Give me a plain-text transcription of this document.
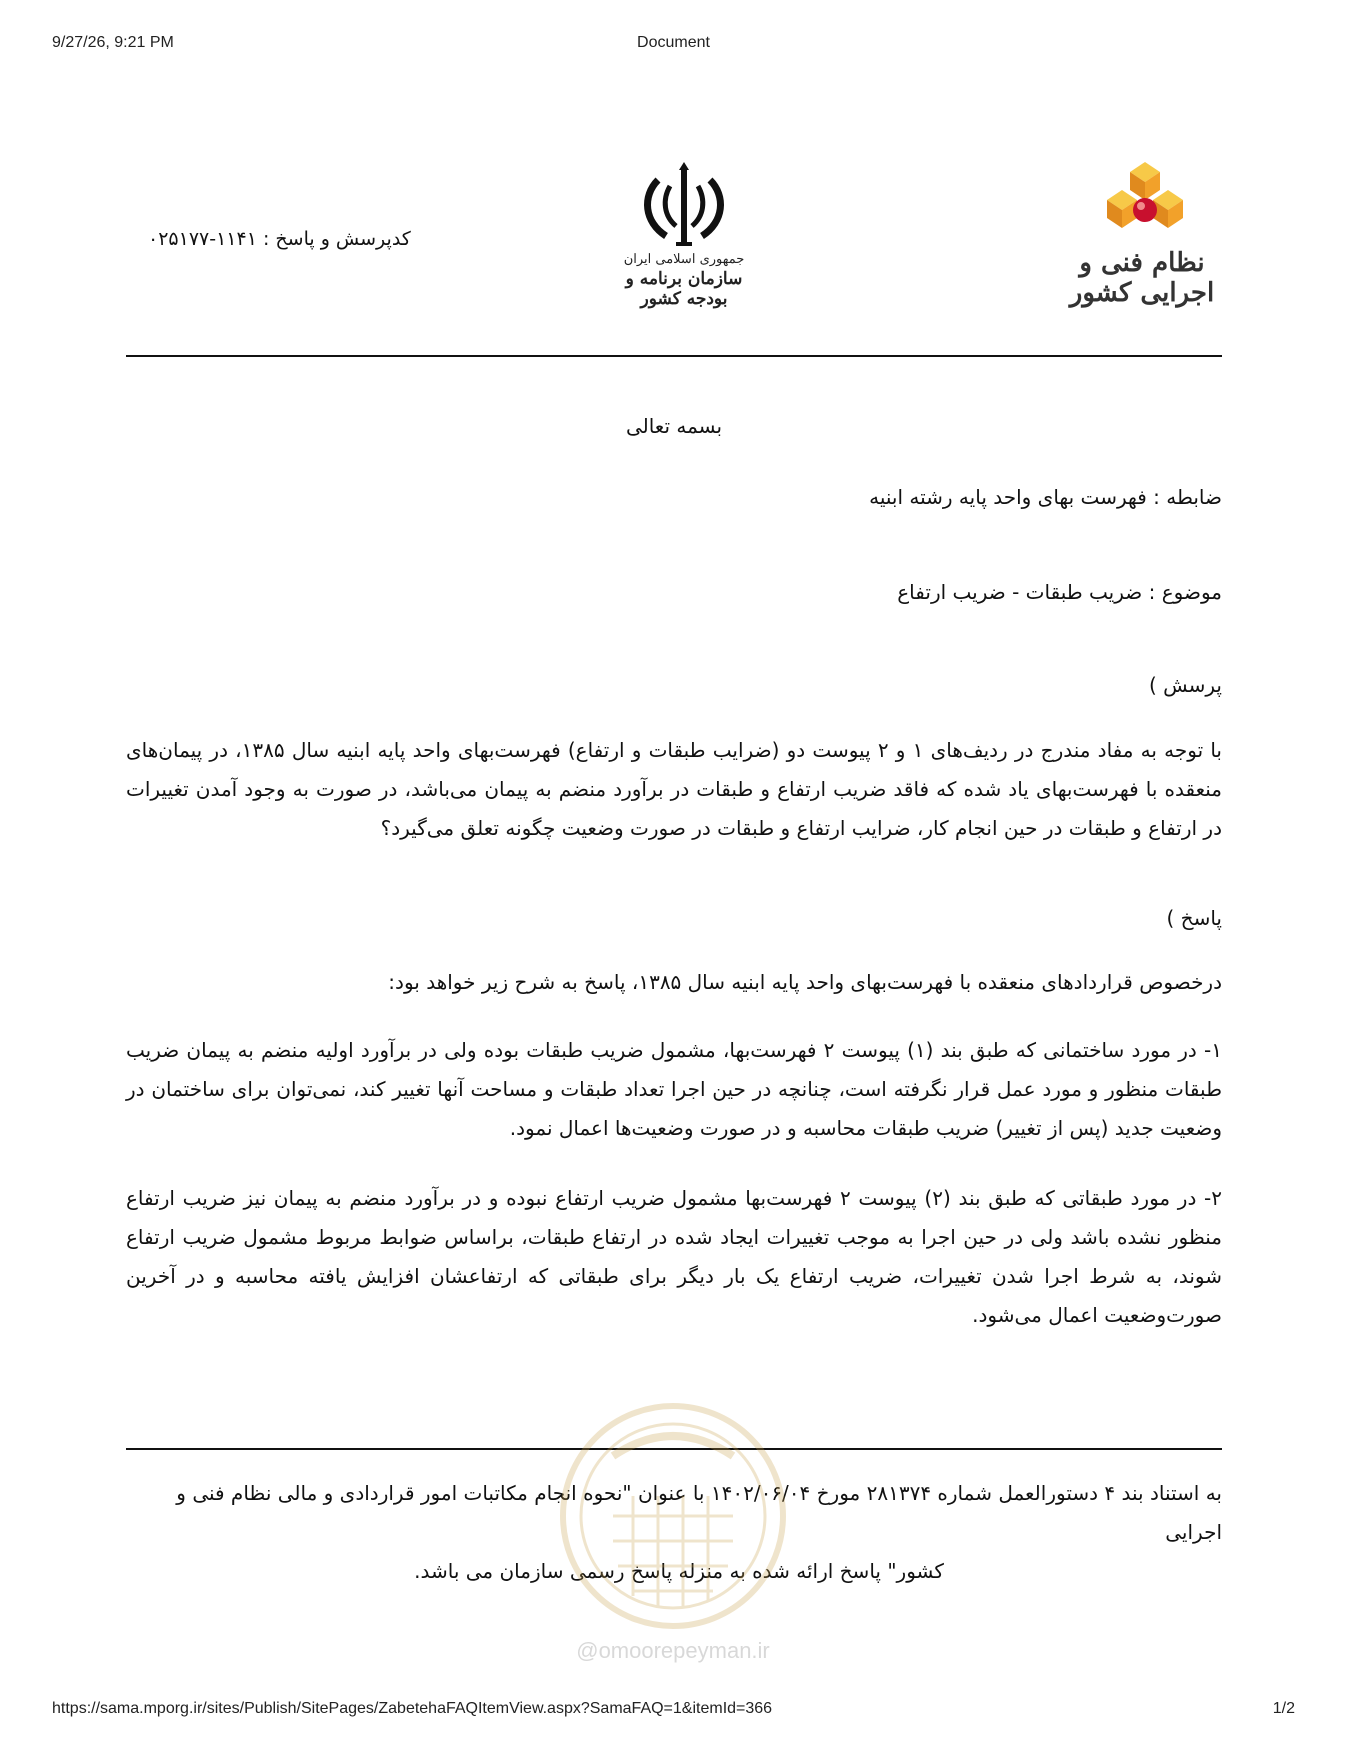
9/27/26, 9:21 PM	Document
نظام فنی و اجرایی کشور
جمهوری اسلامی ایران
سازمان برنامه و بودجه کشور
کدپرسش و پاسخ : ۱۱۴۱-۰۲۵۱۷۷
بسمه تعالی
ضابطه : فهرست بهای واحد پایه رشته ابنیه
موضوع : ضریب طبقات - ضریب ارتفاع
پرسش )
با توجه به مفاد مندرج در ردیف‌های ۱ و ۲ پیوست دو (ضرایب طبقات و ارتفاع) فهرست‌بهای واحد پایه ابنیه سال ۱۳۸۵، در پیمان‌های منعقده با فهرست‌بهای یاد شده که فاقد ضریب ارتفاع و طبقات در برآورد منضم به پیمان می‌باشد، در صورت به وجود آمدن تغییرات در ارتفاع و طبقات در حین انجام کار، ضرایب ارتفاع و طبقات در صورت وضعیت چگونه تعلق می‌گیرد؟
پاسخ )
درخصوص قراردادهای منعقده با فهرست‌بهای واحد پایه ابنیه سال ۱۳۸۵، پاسخ به شرح زیر خواهد بود:
۱- در مورد ساختمانی که طبق بند (۱) پیوست ۲ فهرست‌بها، مشمول ضریب طبقات بوده ولی در برآورد اولیه منضم به پیمان ضریب طبقات منظور و مورد عمل قرار نگرفته است، چنانچه در حین اجرا تعداد طبقات و مساحت آنها تغییر کند، نمی‌توان برای ساختمان در وضعیت جدید (پس از تغییر) ضریب طبقات محاسبه و در صورت وضعیت‌ها اعمال نمود.
۲- در مورد طبقاتی که طبق بند (۲) پیوست ۲ فهرست‌بها مشمول ضریب ارتفاع نبوده و در برآورد منضم به پیمان نیز ضریب ارتفاع منظور نشده باشد ولی در حین اجرا به موجب تغییرات ایجاد شده در ارتفاع طبقات، براساس ضوابط مربوط مشمول ضریب ارتفاع شوند، به شرط اجرا شدن تغییرات، ضریب ارتفاع یک بار دیگر برای طبقاتی که ارتفاعشان افزایش یافته محاسبه و در آخرین صورت‌وضعیت اعمال می‌شود.
به استناد بند ۴ دستورالعمل شماره ۲۸۱۳۷۴ مورخ ۱۴۰۲/۰۶/۰۴ با عنوان "نحوه انجام مکاتبات امور قراردادی و مالی نظام فنی و اجرایی
کشور" پاسخ ارائه شده به منزله پاسخ رسمی سازمان می باشد.
@omoorepeyman.ir
https://sama.mporg.ir/sites/Publish/SitePages/ZabetehaFAQItemView.aspx?SamaFAQ=1&itemId=366	1/2
